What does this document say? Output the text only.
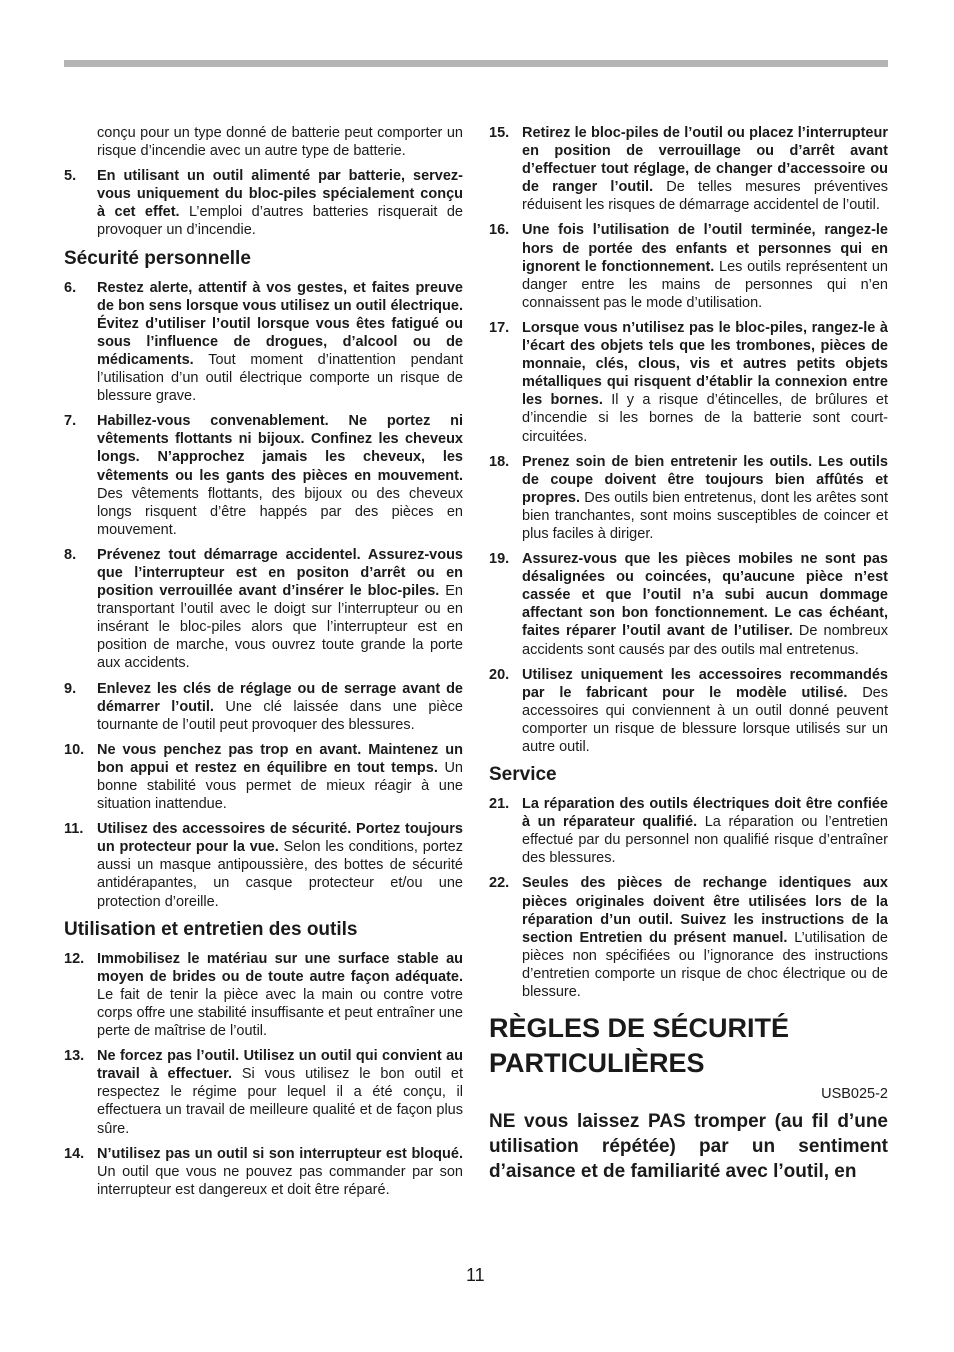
conçu pour un type donné de batterie peut comporter un risque d’incendie avec un autre type de batterie.

5. En utilisant un outil alimenté par batterie, servez-vous uniquement du bloc-piles spécialement conçu à cet effet. L’emploi d’autres batteries risquerait de provoquer un d’incendie.
Sécurité personnelle
6. Restez alerte, attentif à vos gestes, et faites preuve de bon sens lorsque vous utilisez un outil électrique. Évitez d’utiliser l’outil lorsque vous êtes fatigué ou sous l’influence de drogues, d’alcool ou de médicaments. Tout moment d’inattention pendant l’utilisation d’un outil électrique comporte un risque de blessure grave.
7. Habillez-vous convenablement. Ne portez ni vêtements flottants ni bijoux. Confinez les cheveux longs. N’approchez jamais les cheveux, les vêtements ou les gants des pièces en mouvement. Des vêtements flottants, des bijoux ou des cheveux longs risquent d’être happés par des pièces en mouvement.
8. Prévenez tout démarrage accidentel. Assurez-vous que l’interrupteur est en positon d’arrêt ou en position verrouillée avant d’insérer le bloc-piles. En transportant l’outil avec le doigt sur l’interrupteur ou en insérant le bloc-piles alors que l’interrupteur est en position de marche, vous ouvrez toute grande la porte aux accidents.
9. Enlevez les clés de réglage ou de serrage avant de démarrer l’outil. Une clé laissée dans une pièce tournante de l’outil peut provoquer des blessures.
10. Ne vous penchez pas trop en avant. Maintenez un bon appui et restez en équilibre en tout temps. Un bonne stabilité vous permet de mieux réagir à une situation inattendue.
11. Utilisez des accessoires de sécurité. Portez toujours un protecteur pour la vue. Selon les conditions, portez aussi un masque antipoussière, des bottes de sécurité antidérapantes, un casque protecteur et/ou une protection d’oreille.
Utilisation et entretien des outils
12. Immobilisez le matériau sur une surface stable au moyen de brides ou de toute autre façon adéquate. Le fait de tenir la pièce avec la main ou contre votre corps offre une stabilité insuffisante et peut entraîner une perte de maîtrise de l’outil.
13. Ne forcez pas l’outil. Utilisez un outil qui convient au travail à effectuer. Si vous utilisez le bon outil et respectez le régime pour lequel il a été conçu, il effectuera un travail de meilleure qualité et de façon plus sûre.
14. N’utilisez pas un outil si son interrupteur est bloqué. Un outil que vous ne pouvez pas commander par son interrupteur est dangereux et doit être réparé.
15. Retirez le bloc-piles de l’outil ou placez l’interrupteur en position de verrouillage ou d’arrêt avant d’effectuer tout réglage, de changer d’accessoire ou de ranger l’outil. De telles mesures préventives réduisent les risques de démarrage accidentel de l’outil.
16. Une fois l’utilisation de l’outil terminée, rangez-le hors de portée des enfants et personnes qui en ignorent le fonctionnement. Les outils représentent un danger entre les mains de personnes qui n’en connaissent pas le mode d’utilisation.
17. Lorsque vous n’utilisez pas le bloc-piles, rangez-le à l’écart des objets tels que les trombones, pièces de monnaie, clés, clous, vis et autres petits objets métalliques qui risquent d’établir la connexion entre les bornes. Il y a risque d’étincelles, de brûlures et d’incendie si les bornes de la batterie sont court-circuitées.
18. Prenez soin de bien entretenir les outils. Les outils de coupe doivent être toujours bien affûtés et propres. Des outils bien entretenus, dont les arêtes sont bien tranchantes, sont moins susceptibles de coincer et plus faciles à diriger.
19. Assurez-vous que les pièces mobiles ne sont pas désalignées ou coincées, qu’aucune pièce n’est cassée et que l’outil n’a subi aucun dommage affectant son bon fonctionnement. Le cas échéant, faites réparer l’outil avant de l’utiliser. De nombreux accidents sont causés par des outils mal entretenus.
20. Utilisez uniquement les accessoires recommandés par le fabricant pour le modèle utilisé. Des accessoires qui conviennent à un outil donné peuvent comporter un risque de blessure lorsque utilisés sur un autre outil.
Service
21. La réparation des outils électriques doit être confiée à un réparateur qualifié. La réparation ou l’entretien effectué par du personnel non qualifié risque d’entraîner des blessures.
22. Seules des pièces de rechange identiques aux pièces originales doivent être utilisées lors de la réparation d’un outil. Suivez les instructions de la section Entretien du présent manuel. L’utilisation de pièces non spécifiées ou l’ignorance des instructions d’entretien comporte un risque de choc électrique ou de blessure.
RÈGLES DE SÉCURITÉ
PARTICULIÈRES
USB025-2

NE vous laissez PAS tromper (au fil d’une utilisation répétée) par un sentiment d’aisance et de familiarité avec l’outil, en

11
